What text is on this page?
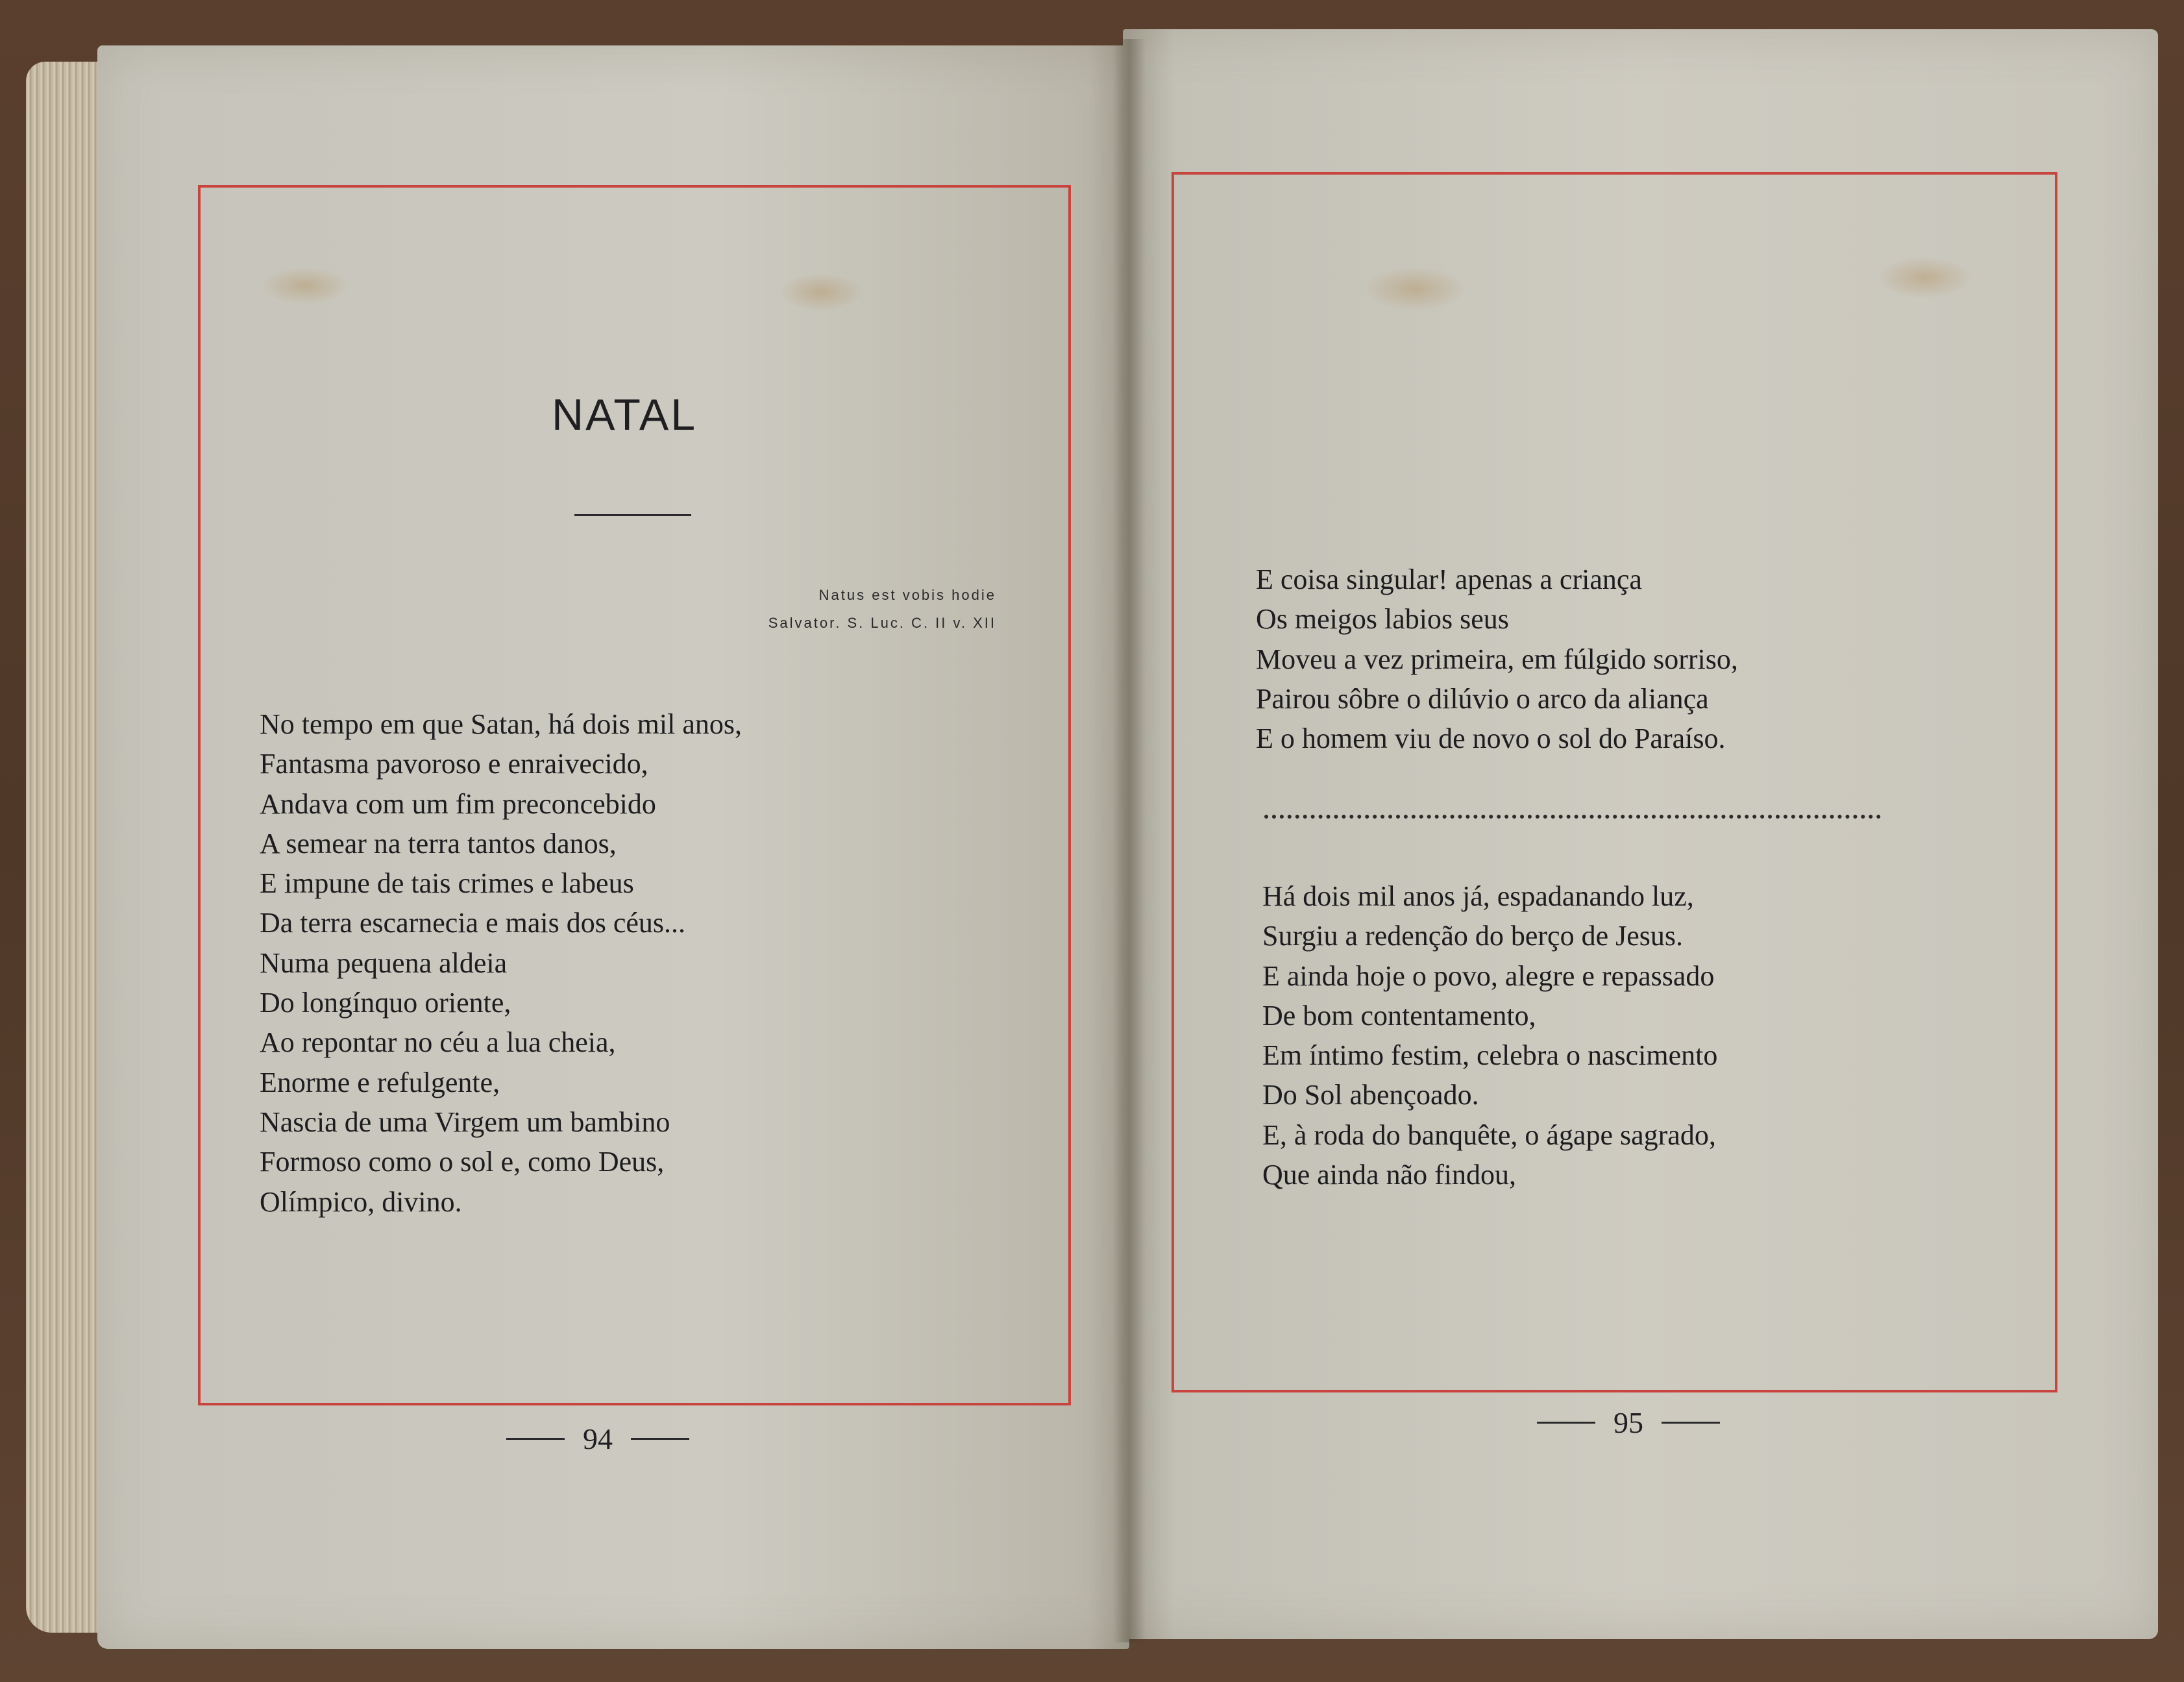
NATAL
Natus est vobis hodie
Salvator. S. Luc. C. II v. XII
No tempo em que Satan, há dois mil anos,
Fantasma pavoroso e enraivecido,
Andava com um fim preconcebido
A semear na terra tantos danos,
E impune de tais crimes e labeus
Da terra escarnecia e mais dos céus...
Numa pequena aldeia
Do longínquo oriente,
Ao repontar no céu a lua cheia,
Enorme e refulgente,
Nascia de uma Virgem um bambino
Formoso como o sol e, como Deus,
Olímpico, divino.
94
E coisa singular! apenas a criança
Os meigos labios seus
Moveu a vez primeira, em fúlgido sorriso,
Pairou sôbre o dilúvio o arco da aliança
E o homem viu de novo o sol do Paraíso.
Há dois mil anos já, espadanando luz,
Surgiu a redenção do berço de Jesus.
E ainda hoje o povo, alegre e repassado
De bom contentamento,
Em íntimo festim, celebra o nascimento
Do Sol abençoado.
E, à roda do banquête, o ágape sagrado,
Que ainda não findou,
95
